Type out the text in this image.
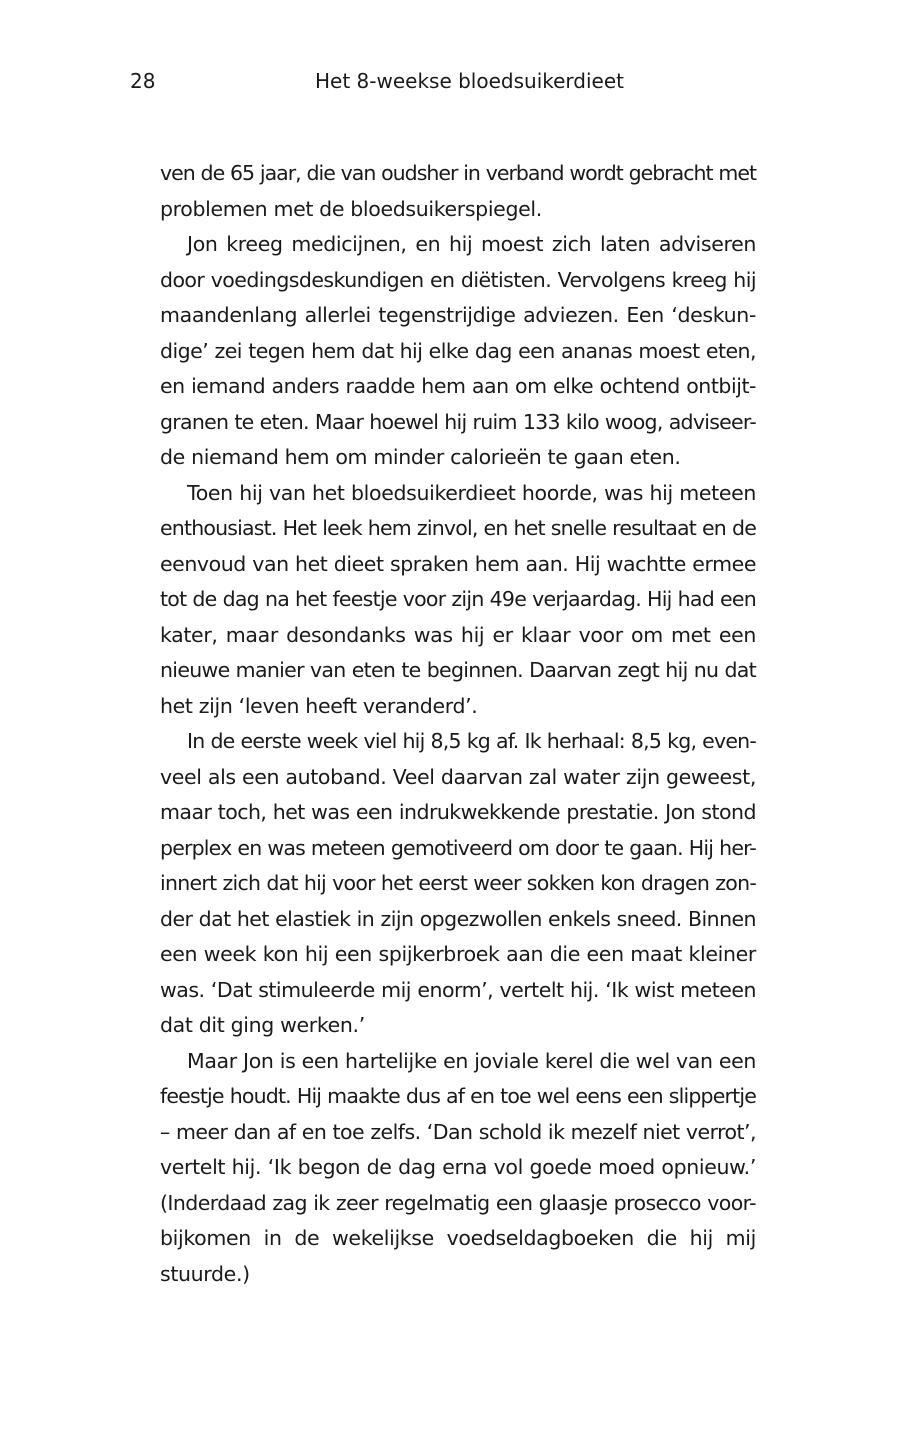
28	Het 8-weekse bloedsuikerdieet

ven de 65 jaar, die van oudsher in verband wordt gebracht met
problemen met de bloedsuikerspiegel.

Jon kreeg medicijnen, en hij moest zich laten adviseren
door voedingsdeskundigen en diëtisten. Vervolgens kreeg hij
maandenlang allerlei tegenstrijdige adviezen. Een ‘deskun-
dige’ zei tegen hem dat hij elke dag een ananas moest eten,
en iemand anders raadde hem aan om elke ochtend ontbijt-
granen te eten. Maar hoewel hij ruim 133 kilo woog, adviseer-
de niemand hem om minder calorieën te gaan eten.

Toen hij van het bloedsuikerdieet hoorde, was hij meteen
enthousiast. Het leek hem zinvol, en het snelle resultaat en de
eenvoud van het dieet spraken hem aan. Hij wachtte ermee
tot de dag na het feestje voor zijn 49e verjaardag. Hij had een
kater, maar desondanks was hij er klaar voor om met een
nieuwe manier van eten te beginnen. Daarvan zegt hij nu dat
het zijn ‘leven heeft veranderd’.

In de eerste week viel hij 8,5 kg af. Ik herhaal: 8,5 kg, even-
veel als een autoband. Veel daarvan zal water zijn geweest,
maar toch, het was een indrukwekkende prestatie. Jon stond
perplex en was meteen gemotiveerd om door te gaan. Hij her-
innert zich dat hij voor het eerst weer sokken kon dragen zon-
der dat het elastiek in zijn opgezwollen enkels sneed. Binnen
een week kon hij een spijkerbroek aan die een maat kleiner
was. ‘Dat stimuleerde mij enorm’, vertelt hij. ‘Ik wist meteen
dat dit ging werken.’

Maar Jon is een hartelijke en joviale kerel die wel van een
feestje houdt. Hij maakte dus af en toe wel eens een slippertje
– meer dan af en toe zelfs. ‘Dan schold ik mezelf niet verrot’,
vertelt hij. ‘Ik begon de dag erna vol goede moed opnieuw.’
(Inderdaad zag ik zeer regelmatig een glaasje prosecco voor-
bijkomen in de wekelijkse voedseldagboeken die hij mij
stuurde.)
